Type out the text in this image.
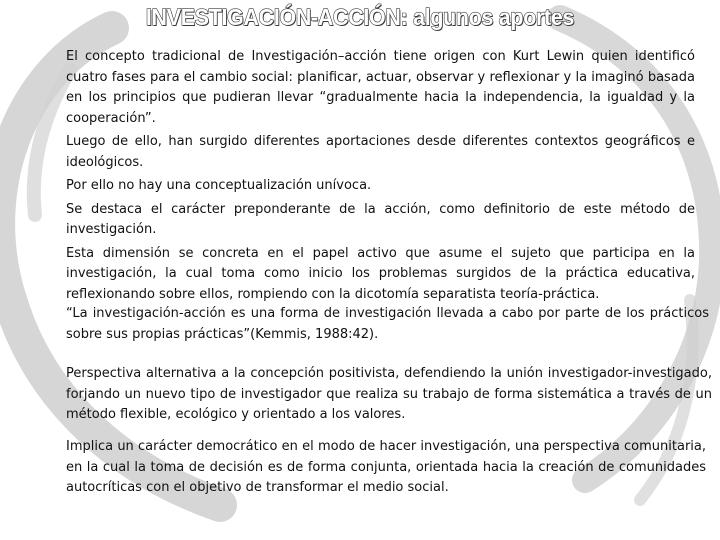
INVESTIGACIÓN-ACCIÓN: algunos aportes

El concepto tradicional de Investigación–acción tiene origen con Kurt Lewin quien identificó cuatro fases para el cambio social: planificar, actuar, observar y reflexionar y la imaginó basada en los principios que pudieran llevar “gradualmente hacia la independencia, la igualdad y la cooperación”.

Luego de ello, han surgido diferentes aportaciones desde diferentes contextos geográficos e ideológicos.

Por ello no hay una conceptualización unívoca.

Se destaca el carácter preponderante de la acción, como definitorio de este método de investigación.

Esta dimensión se concreta en el papel activo que asume el sujeto que participa en la investigación, la cual toma como inicio los problemas surgidos de la práctica educativa, reflexionando sobre ellos, rompiendo con la dicotomía separatista teoría-práctica.

“La investigación-acción es una forma de investigación llevada a cabo por parte de los prácticos sobre sus propias prácticas”(Kemmis, 1988:42).
Perspectiva alternativa a la concepción positivista, defendiendo la unión investigador-investigado, forjando un nuevo tipo de investigador que realiza su trabajo de forma sistemática a través de un método flexible, ecológico y orientado a los valores.
Implica un carácter democrático en el modo de hacer investigación, una perspectiva comunitaria, en la cual la toma de decisión es de forma conjunta, orientada hacia la creación de comunidades autocríticas con el objetivo de transformar el medio social.
